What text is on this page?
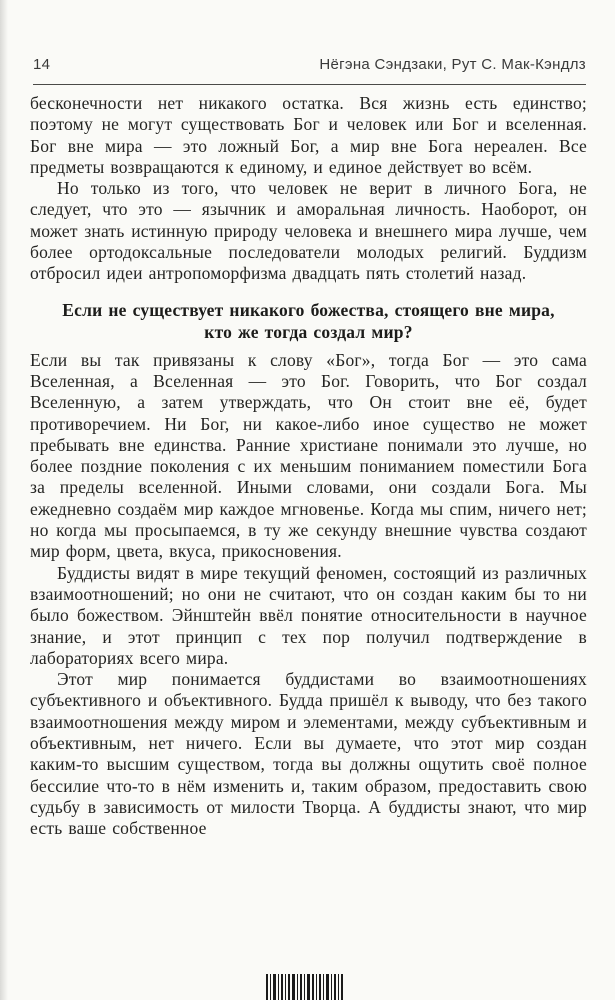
14	Нёгэна Сэндзаки, Рут С. Мак-Кэндлз

бесконечности нет никакого остатка. Вся жизнь есть единство; поэтому не могут существовать Бог и человек или Бог и вселенная. Бог вне мира — это ложный Бог, а мир вне Бога нереален. Все предметы возвращаются к единому, и единое действует во всём.

Но только из того, что человек не верит в личного Бога, не следует, что это — язычник и аморальная личность. Наоборот, он может знать истинную природу человека и внешнего мира лучше, чем более ортодоксальные последователи молодых религий. Буддизм отбросил идеи антропоморфизма двадцать пять столетий назад.

Если не существует никакого божества, стоящего вне мира, кто же тогда создал мир?

Если вы так привязаны к слову «Бог», тогда Бог — это сама Вселенная, а Вселенная — это Бог. Говорить, что Бог создал Вселенную, а затем утверждать, что Он стоит вне её, будет противоречием. Ни Бог, ни какое-либо иное существо не может пребывать вне единства. Ранние христиане понимали это лучше, но более поздние поколения с их меньшим пониманием поместили Бога за пределы вселенной. Иными словами, они создали Бога. Мы ежедневно создаём мир каждое мгновенье. Когда мы спим, ничего нет; но когда мы просыпаемся, в ту же секунду внешние чувства создают мир форм, цвета, вкуса, прикосновения.

Буддисты видят в мире текущий феномен, состоящий из различных взаимоотношений; но они не считают, что он создан каким бы то ни было божеством. Эйнштейн ввёл понятие относительности в научное знание, и этот принцип с тех пор получил подтверждение в лабораториях всего мира.

Этот мир понимается буддистами во взаимоотношениях субъективного и объективного. Будда пришёл к выводу, что без такого взаимоотношения между миром и элементами, между субъективным и объективным, нет ничего. Если вы думаете, что этот мир создан каким-то высшим существом, тогда вы должны ощутить своё полное бессилие что-то в нём изменить и, таким образом, предоставить свою судьбу в зависимость от милости Творца. А буддисты знают, что мир есть ваше собственное
